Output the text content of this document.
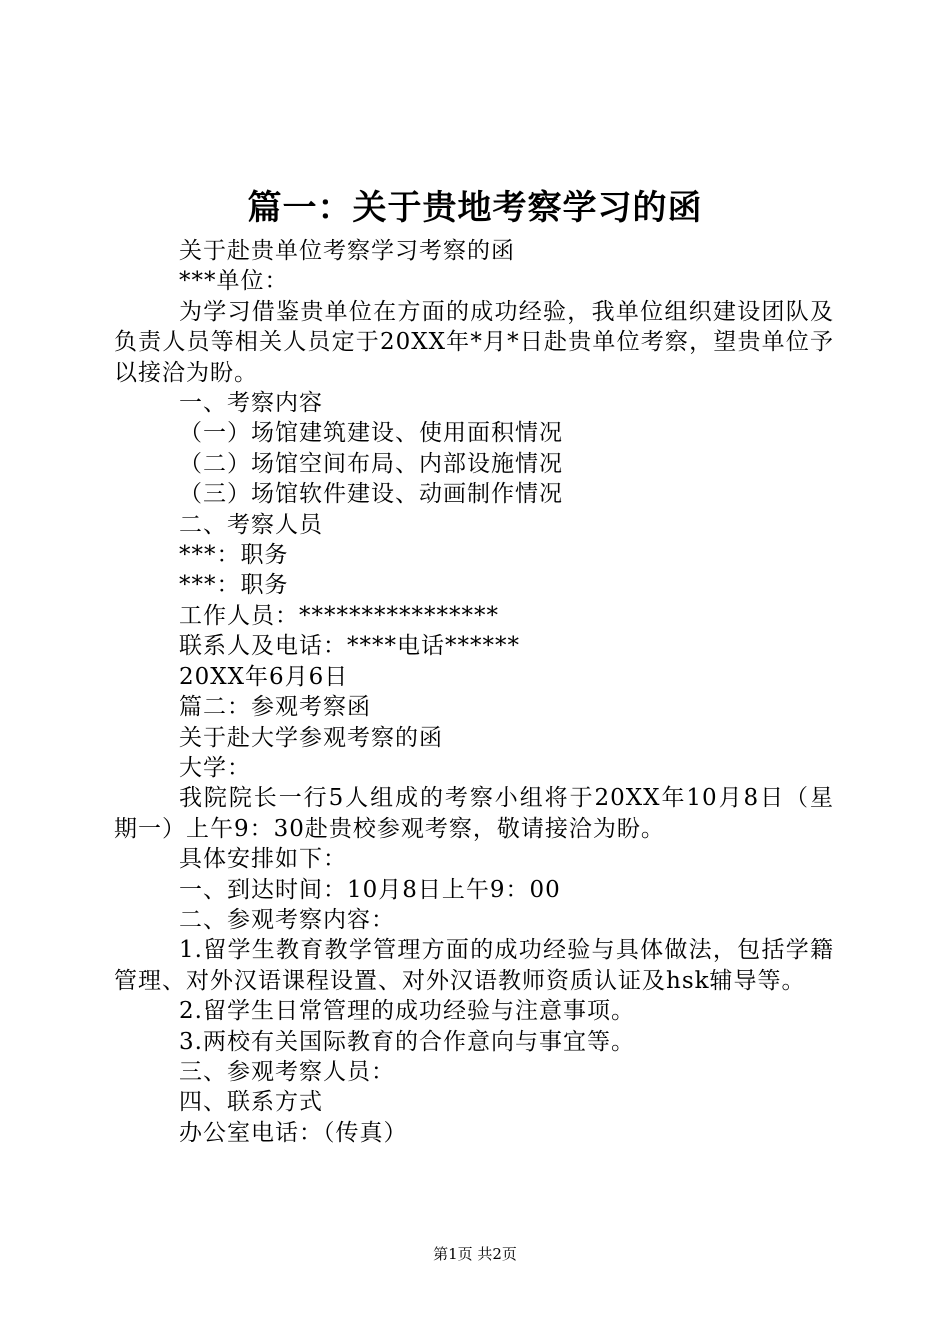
篇一：关于贵地考察学习的函

关于赴贵单位考察学习考察的函

***单位：

为学习借鉴贵单位在方面的成功经验，我单位组织建设团队及负责人员等相关人员定于20XX年*月*日赴贵单位考察，望贵单位予以接洽为盼。

一、考察内容

（一）场馆建筑建设、使用面积情况

（二）场馆空间布局、内部设施情况

（三）场馆软件建设、动画制作情况

二、考察人员

***：职务

***：职务

工作人员：****************

联系人及电话：****电话******

20XX年6月6日

篇二：参观考察函

关于赴大学参观考察的函

大学：

我院院长一行5人组成的考察小组将于20XX年10月8日（星期一）上午9：30赴贵校参观考察，敬请接洽为盼。

具体安排如下：

一、到达时间：10月8日上午9：00

二、参观考察内容：

1.留学生教育教学管理方面的成功经验与具体做法，包括学籍管理、对外汉语课程设置、对外汉语教师资质认证及hsk辅导等。

2.留学生日常管理的成功经验与注意事项。

3.两校有关国际教育的合作意向与事宜等。

三、参观考察人员：

四、联系方式

办公室电话：（传真）

第1页 共2页
